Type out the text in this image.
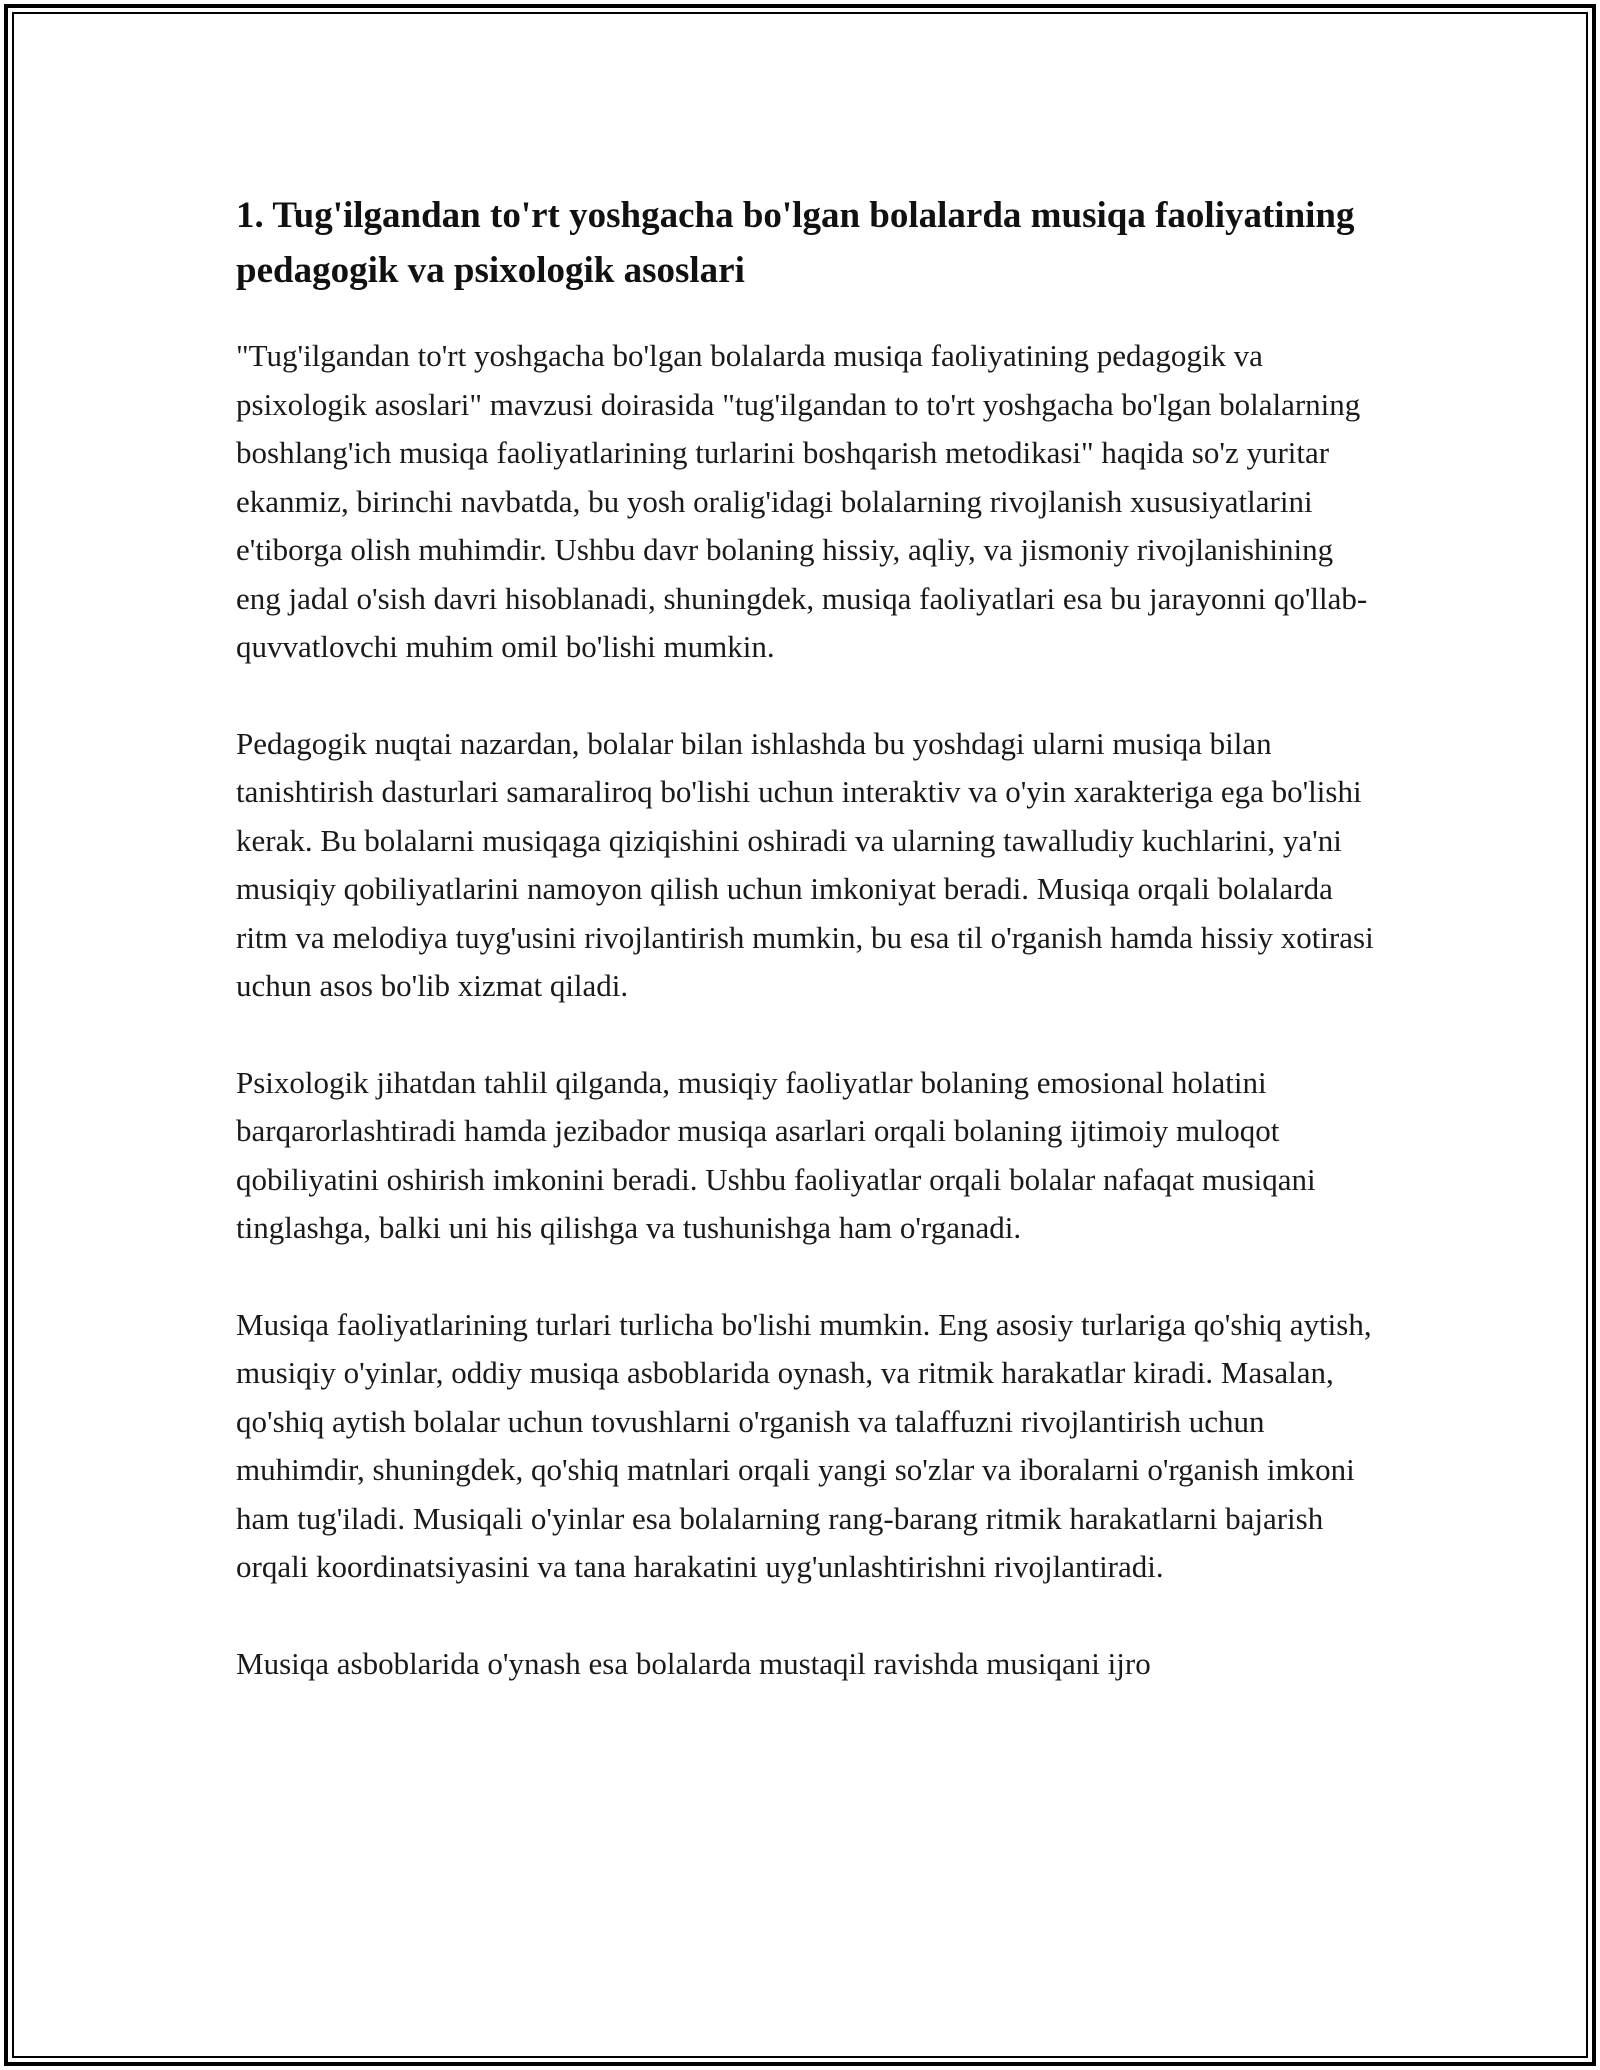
1. Tug'ilgandan to'rt yoshgacha bo'lgan bolalarda musiqa faoliyatining pedagogik va psixologik asoslari

"Tug'ilgandan to'rt yoshgacha bo'lgan bolalarda musiqa faoliyatining pedagogik va psixologik asoslari" mavzusi doirasida "tug'ilgandan to to'rt yoshgacha bo'lgan bolalarning boshlang'ich musiqa faoliyatlarining turlarini boshqarish metodikasi" haqida so'z yuritar ekanmiz, birinchi navbatda, bu yosh oralig'idagi bolalarning rivojlanish xususiyatlarini e'tiborga olish muhimdir. Ushbu davr bolaning hissiy, aqliy, va jismoniy rivojlanishining eng jadal o'sish davri hisoblanadi, shuningdek, musiqa faoliyatlari esa bu jarayonni qo'llab-quvvatlovchi muhim omil bo'lishi mumkin.

Pedagogik nuqtai nazardan, bolalar bilan ishlashda bu yoshdagi ularni musiqa bilan tanishtirish dasturlari samaraliroq bo'lishi uchun interaktiv va o'yin xarakteriga ega bo'lishi kerak. Bu bolalarni musiqaga qiziqishini oshiradi va ularning tawalludiy kuchlarini, ya'ni musiqiy qobiliyatlarini namoyon qilish uchun imkoniyat beradi. Musiqa orqali bolalarda ritm va melodiya tuyg'usini rivojlantirish mumkin, bu esa til o'rganish hamda hissiy xotirasi uchun asos bo'lib xizmat qiladi.

Psixologik jihatdan tahlil qilganda, musiqiy faoliyatlar bolaning emosional holatini barqarorlashtiradi hamda jezibador musiqa asarlari orqali bolaning ijtimoiy muloqot qobiliyatini oshirish imkonini beradi. Ushbu faoliyatlar orqali bolalar nafaqat musiqani tinglashga, balki uni his qilishga va tushunishga ham o'rganadi.

Musiqa faoliyatlarining turlari turlicha bo'lishi mumkin. Eng asosiy turlariga qo'shiq aytish, musiqiy o'yinlar, oddiy musiqa asboblarida oynash, va ritmik harakatlar kiradi. Masalan, qo'shiq aytish bolalar uchun tovushlarni o'rganish va talaffuzni rivojlantirish uchun muhimdir, shuningdek, qo'shiq matnlari orqali yangi so'zlar va iboralarni o'rganish imkoni ham tug'iladi. Musiqali o'yinlar esa bolalarning rang-barang ritmik harakatlarni bajarish orqali koordinatsiyasini va tana harakatini uyg'unlashtirishni rivojlantiradi.

Musiqa asboblarida o'ynash esa bolalarda mustaqil ravishda musiqani ijro
